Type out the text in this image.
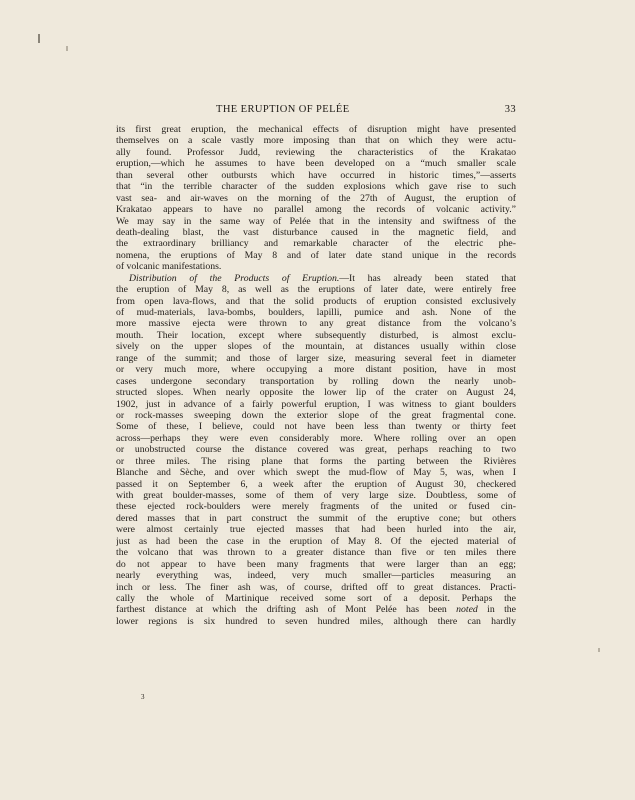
THE ERUPTION OF PELÉE	33
its first great eruption, the mechanical effects of disruption might have presented
themselves on a scale vastly more imposing than that on which they were actu-
ally found. Professor Judd, reviewing the characteristics of the Krakatao
eruption,—which he assumes to have been developed on a “much smaller scale
than several other outbursts which have occurred in historic times,”—asserts
that “in the terrible character of the sudden explosions which gave rise to such
vast sea- and air-waves on the morning of the 27th of August, the eruption of
Krakatao appears to have no parallel among the records of volcanic activity.”
We may say in the same way of Pelée that in the intensity and swiftness of the
death-dealing blast, the vast disturbance caused in the magnetic field, and
the extraordinary brilliancy and remarkable character of the electric phe-
nomena, the eruptions of May 8 and of later date stand unique in the records
of volcanic manifestations.
Distribution of the Products of Eruption.—It has already been stated that
the eruption of May 8, as well as the eruptions of later date, were entirely free
from open lava-flows, and that the solid products of eruption consisted exclusively
of mud-materials, lava-bombs, boulders, lapilli, pumice and ash. None of the
more massive ejecta were thrown to any great distance from the volcano’s
mouth. Their location, except where subsequently disturbed, is almost exclu-
sively on the upper slopes of the mountain, at distances usually within close
range of the summit; and those of larger size, measuring several feet in diameter
or very much more, where occupying a more distant position, have in most
cases undergone secondary transportation by rolling down the nearly unob-
structed slopes. When nearly opposite the lower lip of the crater on August 24,
1902, just in advance of a fairly powerful eruption, I was witness to giant boulders
or rock-masses sweeping down the exterior slope of the great fragmental cone.
Some of these, I believe, could not have been less than twenty or thirty feet
across—perhaps they were even considerably more. Where rolling over an open
or unobstructed course the distance covered was great, perhaps reaching to two
or three miles. The rising plane that forms the parting between the Rivières
Blanche and Sèche, and over which swept the mud-flow of May 5, was, when I
passed it on September 6, a week after the eruption of August 30, checkered
with great boulder-masses, some of them of very large size. Doubtless, some of
these ejected rock-boulders were merely fragments of the united or fused cin-
dered masses that in part construct the summit of the eruptive cone; but others
were almost certainly true ejected masses that had been hurled into the air,
just as had been the case in the eruption of May 8. Of the ejected material of
the volcano that was thrown to a greater distance than five or ten miles there
do not appear to have been many fragments that were larger than an egg;
nearly everything was, indeed, very much smaller—particles measuring an
inch or less. The finer ash was, of course, drifted off to great distances. Practi-
cally the whole of Martinique received some sort of a deposit. Perhaps the
farthest distance at which the drifting ash of Mont Pelée has been noted in the
lower regions is six hundred to seven hundred miles, although there can hardly
3
